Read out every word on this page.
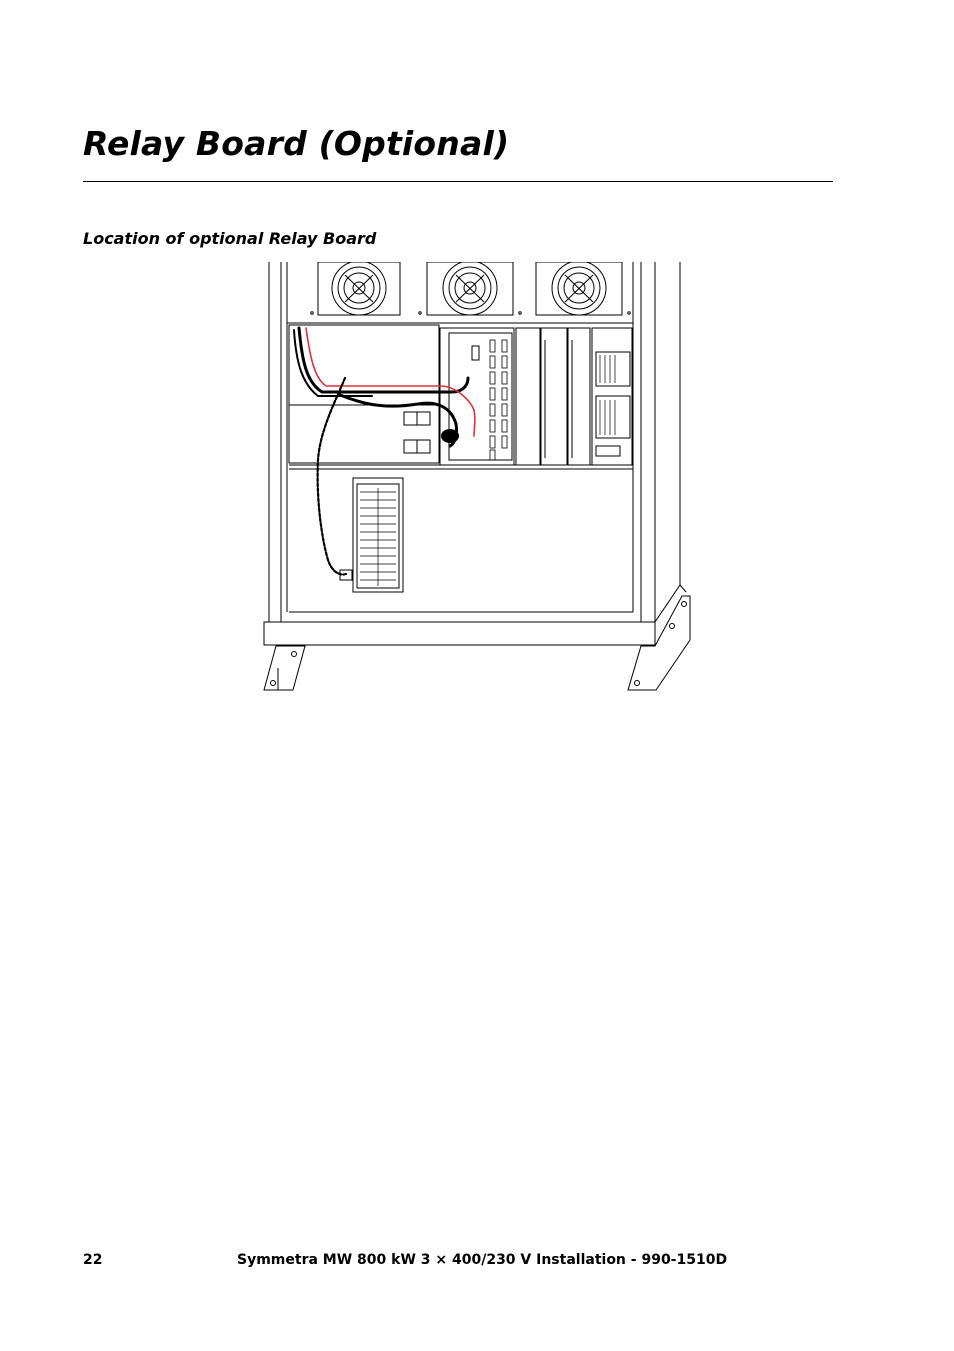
Relay Board (Optional)
Location of optional Relay Board
22	Symmetra MW 800 kW 3 × 400/230 V Installation - 990-1510D
